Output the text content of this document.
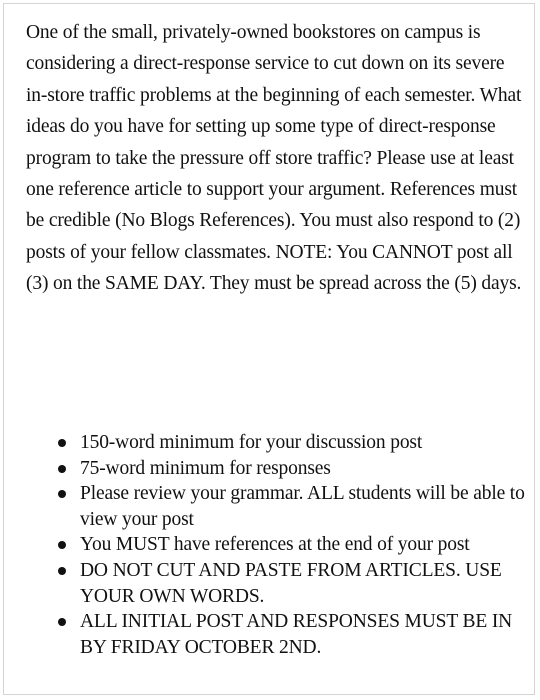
One of the small, privately-owned bookstores on campus is considering a direct-response service to cut down on its severe in-store traffic problems at the beginning of each semester. What ideas do you have for setting up some type of direct-response program to take the pressure off store traffic? Please use at least one reference article to support your argument. References must be credible (No Blogs References). You must also respond to (2) posts of your fellow classmates. NOTE: You CANNOT post all (3) on the SAME DAY. They must be spread across the (5) days.

150-word minimum for your discussion post
75-word minimum for responses
Please review your grammar. ALL students will be able to view your post
You MUST have references at the end of your post
DO NOT CUT AND PASTE FROM ARTICLES. USE YOUR OWN WORDS.
ALL INITIAL POST AND RESPONSES MUST BE IN BY FRIDAY OCTOBER 2ND.
